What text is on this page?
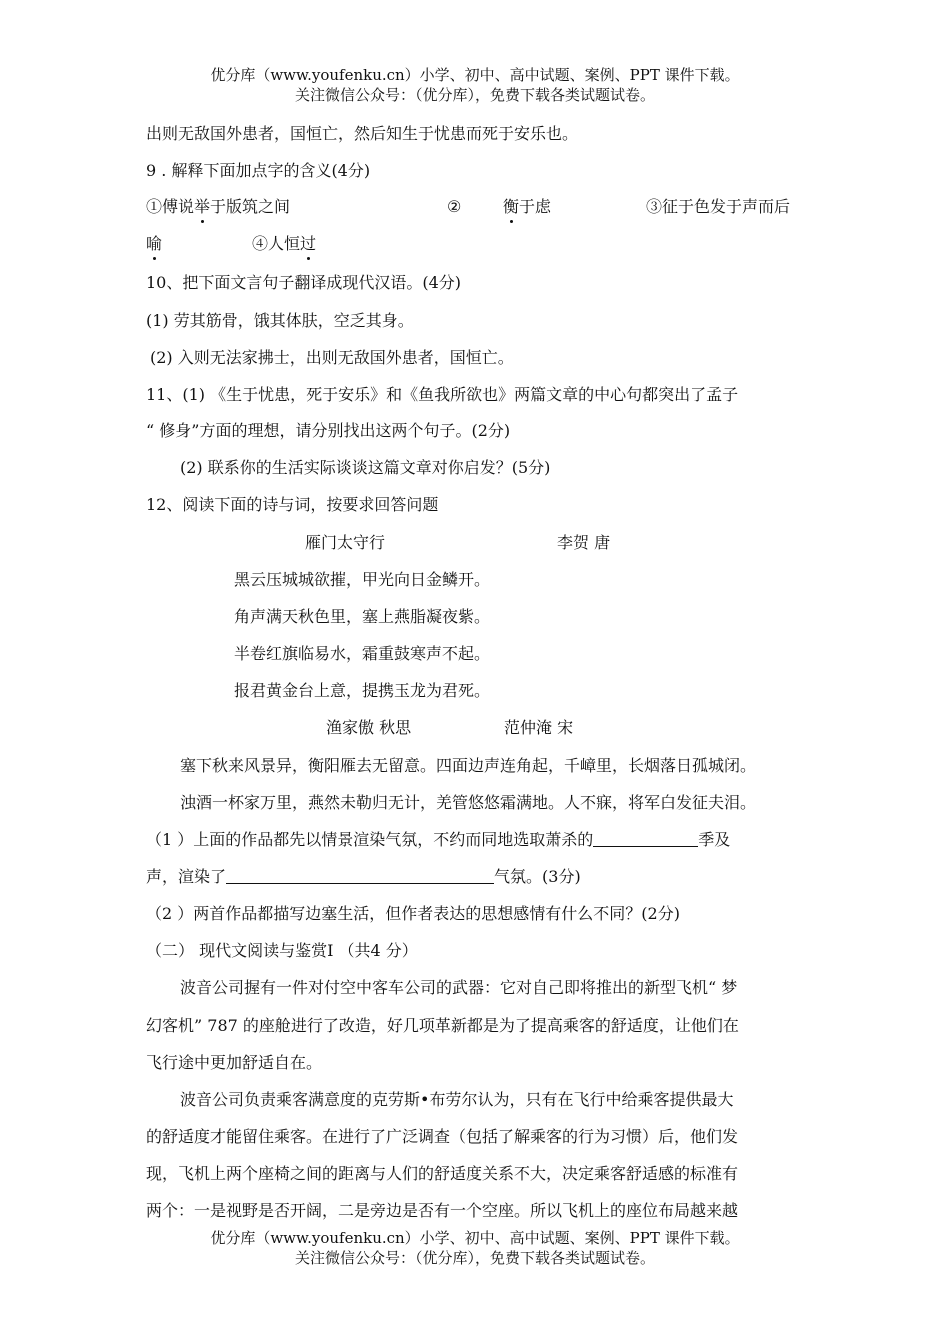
优分库（www.youfenku.cn）小学、初中、高中试题、案例、PPT 课件下载。
关注微信公众号：（优分库），免费下载各类试题试卷。
出则无敌国外患者，国恒亡，然后知生于忧患而死于安乐也。
9 . 解释下面加点字的含义(4分)
①傅说举于版筑之间	②	衡于虑	③征于色发于声而后
喻	④人恒过
10、把下面文言句子翻译成现代汉语。(4分)
(1) 劳其筋骨，饿其体肤，空乏其身。
(2) 入则无法家拂士，出则无敌国外患者，国恒亡。
11、(1) 《生于忧患，死于安乐》和《鱼我所欲也》两篇文章的中心句都突出了孟子
“ 修身”方面的理想，请分别找出这两个句子。(2分)
(2) 联系你的生活实际谈谈这篇文章对你启发？(5分)
12、阅读下面的诗与词，按要求回答问题
雁门太守行	李贺 唐
黑云压城城欲摧，甲光向日金鳞开。
角声满天秋色里，塞上燕脂凝夜紫。
半卷红旗临易水，霜重鼓寒声不起。
报君黄金台上意，提携玉龙为君死。
渔家傲 秋思	范仲淹 宋
塞下秋来风景异，衡阳雁去无留意。四面边声连角起，千嶂里，长烟落日孤城闭。
浊酒一杯家万里，燕然未勒归无计，羌管悠悠霜满地。人不寐，将军白发征夫泪。
（1 ）上面的作品都先以情景渲染气氛，不约而同地选取萧杀的	季及
声，渲染了	气氛。(3分)
（2 ）两首作品都描写边塞生活，但作者表达的思想感情有什么不同？(2分)
（二） 现代文阅读与鉴赏I （共4 分）
波音公司握有一件对付空中客车公司的武器：它对自己即将推出的新型飞机“ 梦
幻客机” 787 的座舱进行了改造，好几项革新都是为了提高乘客的舒适度，让他们在
飞行途中更加舒适自在。
波音公司负责乘客满意度的克劳斯•布劳尔认为，只有在飞行中给乘客提供最大
的舒适度才能留住乘客。在进行了广泛调查（包括了解乘客的行为习惯）后，他们发
现，飞机上两个座椅之间的距离与人们的舒适度关系不大，决定乘客舒适感的标准有
两个：一是视野是否开阔，二是旁边是否有一个空座。所以飞机上的座位布局越来越
优分库（www.youfenku.cn）小学、初中、高中试题、案例、PPT 课件下载。
关注微信公众号：（优分库），免费下载各类试题试卷。
